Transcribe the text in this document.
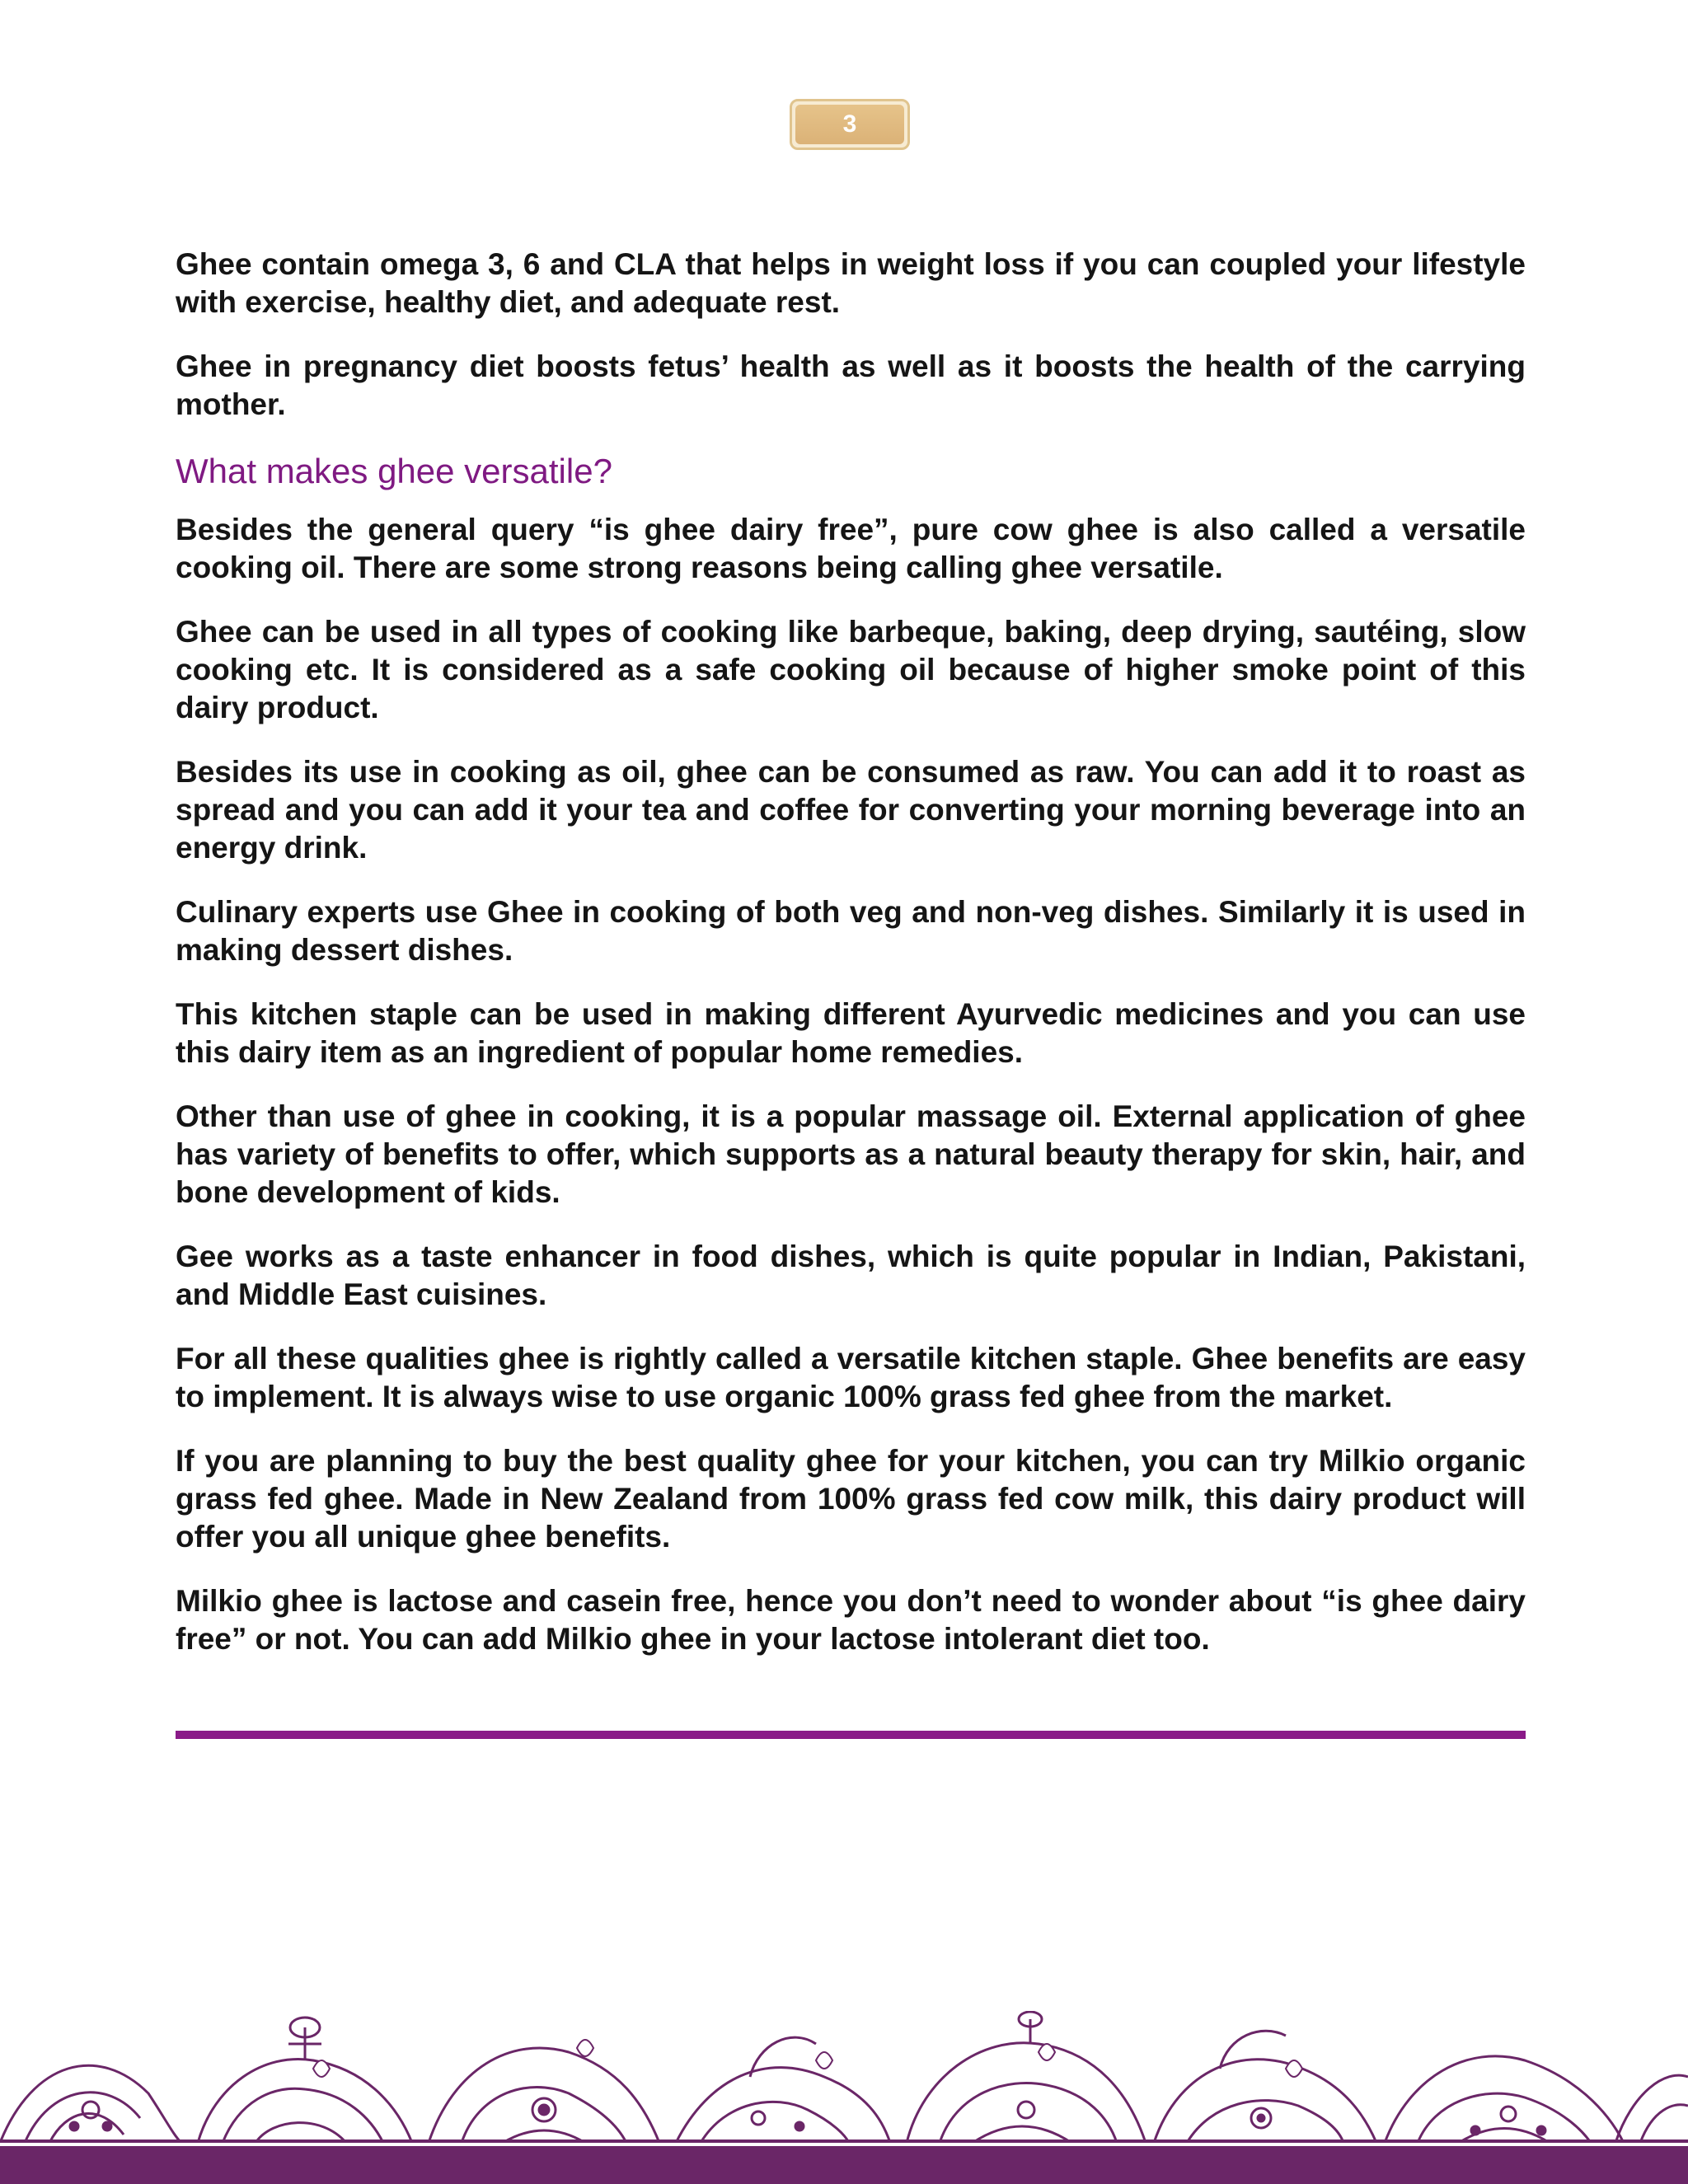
3

Ghee contain omega 3, 6 and CLA that helps in weight loss if you can coupled your lifestyle with exercise, healthy diet, and adequate rest.

Ghee in pregnancy diet boosts fetus’ health as well as it boosts the health of the carrying mother.

What makes ghee versatile?

Besides the general query “is ghee dairy free”, pure cow ghee is also called a versatile cooking oil. There are some strong reasons being calling ghee versatile.

Ghee can be used in all types of cooking like barbeque, baking, deep drying, sautéing, slow cooking etc. It is considered as a safe cooking oil because of higher smoke point of this dairy product.

Besides its use in cooking as oil, ghee can be consumed as raw. You can add it to roast as spread and you can add it your tea and coffee for converting your morning beverage into an energy drink.

Culinary experts use Ghee in cooking of both veg and non-veg dishes. Similarly it is used in making dessert dishes.

This kitchen staple can be used in making different Ayurvedic medicines and you can use this dairy item as an ingredient of popular home remedies.

Other than use of ghee in cooking, it is a popular massage oil. External application of ghee has variety of benefits to offer, which supports as a natural beauty therapy for skin, hair, and bone development of kids.

Gee works as a taste enhancer in food dishes, which is quite popular in Indian, Pakistani, and Middle East cuisines.

For all these qualities ghee is rightly called a versatile kitchen staple. Ghee benefits are easy to implement. It is always wise to use organic 100% grass fed ghee from the market.

If you are planning to buy the best quality ghee for your kitchen, you can try Milkio organic grass fed ghee. Made in New Zealand from 100% grass fed cow milk, this dairy product will offer you all unique ghee benefits.

Milkio ghee is lactose and casein free, hence you don’t need to wonder about “is ghee dairy free” or not. You can add Milkio ghee in your lactose intolerant diet too.
